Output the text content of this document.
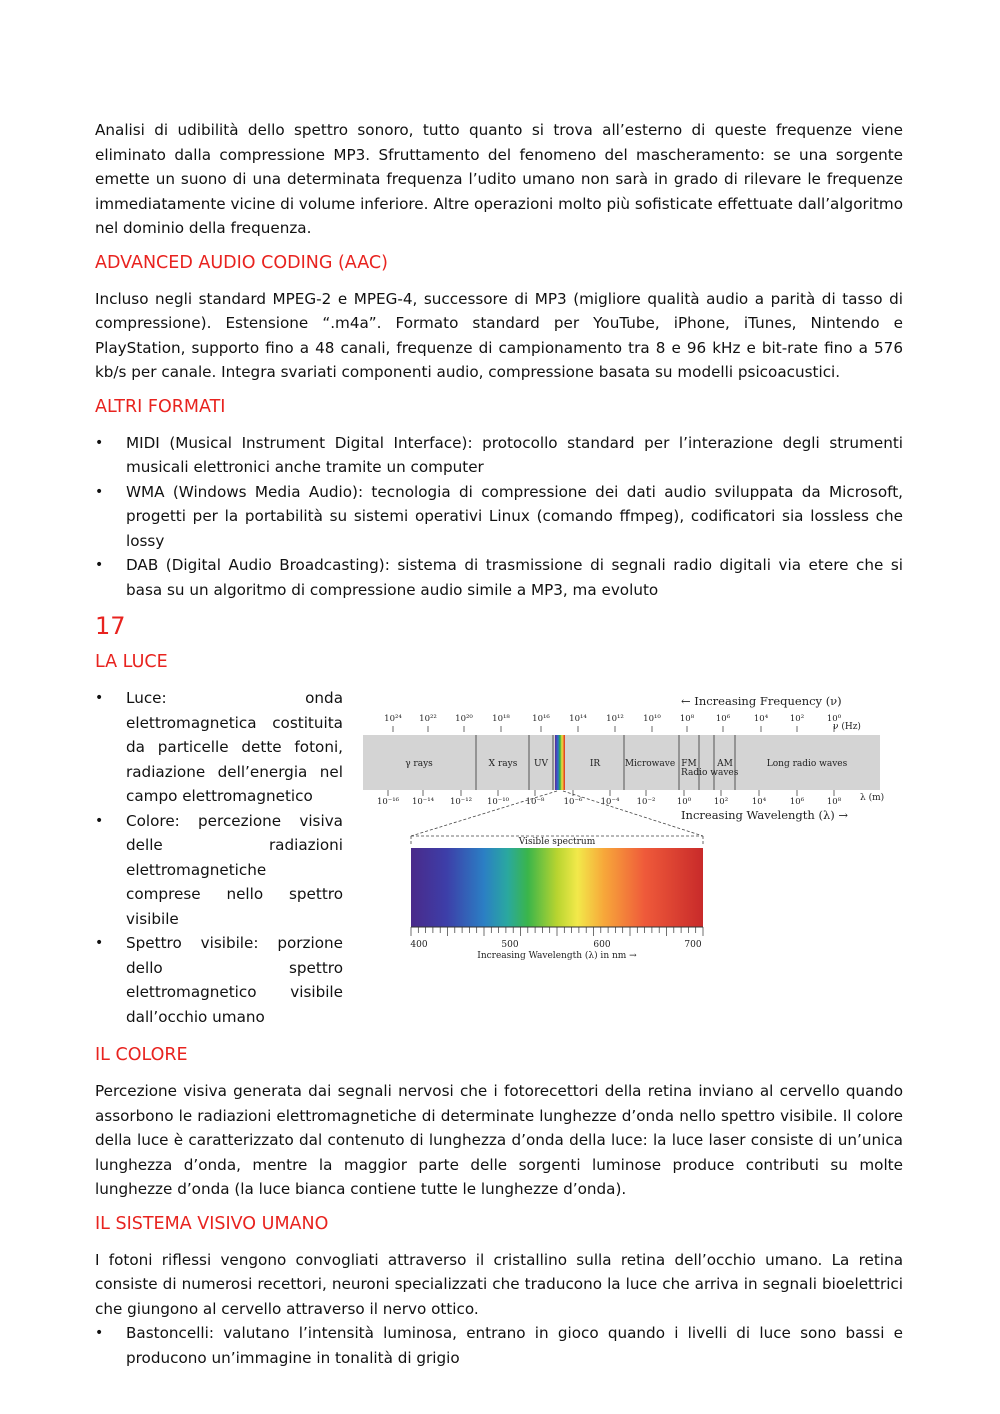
Analisi di udibilità dello spettro sonoro, tutto quanto si trova all’esterno di queste frequenze viene eliminato dalla compressione MP3. Sfruttamento del fenomeno del mascheramento: se una sorgente emette un suono di una determinata frequenza l’udito umano non sarà in grado di rilevare le frequenze immediatamente vicine di volume inferiore. Altre operazioni molto più sofisticate effettuate dall’algoritmo nel dominio della frequenza.

ADVANCED AUDIO CODING (AAC)

Incluso negli standard MPEG-2 e MPEG-4, successore di MP3 (migliore qualità audio a parità di tasso di compressione). Estensione “.m4a”. Formato standard per YouTube, iPhone, iTunes, Nintendo e PlayStation, supporto fino a 48 canali, frequenze di campionamento tra 8 e 96 kHz e bit-rate fino a 576 kb/s per canale. Integra svariati componenti audio, compressione basata su modelli psicoacustici.

ALTRI FORMATI
• MIDI (Musical Instrument Digital Interface): protocollo standard per l’interazione degli strumenti musicali elettronici anche tramite un computer
• WMA (Windows Media Audio): tecnologia di compressione dei dati audio sviluppata da Microsoft, progetti per la portabilità su sistemi operativi Linux (comando ffmpeg), codificatori sia lossless che lossy
• DAB (Digital Audio Broadcasting): sistema di trasmissione di segnali radio digitali via etere che si basa su un algoritmo di compressione audio simile a MP3, ma evoluto
17
LA LUCE
• Luce: onda elettromagnetica costituita da particelle dette fotoni, radiazione dell’energia nel campo elettromagnetico
• Colore: percezione visiva delle radiazioni elettromagnetiche comprese nello spettro visibile
• Spettro visibile: porzione dello spettro elettromagnetico visibile dall’occhio umano
← Increasing Frequency (ν)
10²⁴ 10²² 10²⁰ 10¹⁸	10¹⁶ 10¹⁴ 10¹² 10¹⁰ 10⁸	10⁶	10⁴	10²	10⁰
ν (Hz)
γ rays	X rays UV	IR	Microwave FM AM	Long radio waves
Radio waves
10⁻¹⁶ 10⁻¹⁴ 10⁻¹² 10⁻¹⁰ 10⁻⁸ 10⁻⁶ 10⁻⁴ 10⁻²	10⁰	10²	10⁴	10⁶	10⁸ λ (m)
Increasing Wavelength (λ) →
Visible spectrum
400	500	600	700
Increasing Wavelength (λ) in nm →
IL COLORE

Percezione visiva generata dai segnali nervosi che i fotorecettori della retina inviano al cervello quando assorbono le radiazioni elettromagnetiche di determinate lunghezze d’onda nello spettro visibile. Il colore della luce è caratterizzato dal contenuto di lunghezza d’onda della luce: la luce laser consiste di un’unica lunghezza d’onda, mentre la maggior parte delle sorgenti luminose produce contributi su molte lunghezze d’onda (la luce bianca contiene tutte le lunghezze d’onda).

IL SISTEMA VISIVO UMANO

I fotoni riflessi vengono convogliati attraverso il cristallino sulla retina dell’occhio umano. La retina consiste di numerosi recettori, neuroni specializzati che traducono la luce che arriva in segnali bioelettrici che giungono al cervello attraverso il nervo ottico.

• Bastoncelli: valutano l’intensità luminosa, entrano in gioco quando i livelli di luce sono bassi e producono un’immagine in tonalità di grigio
